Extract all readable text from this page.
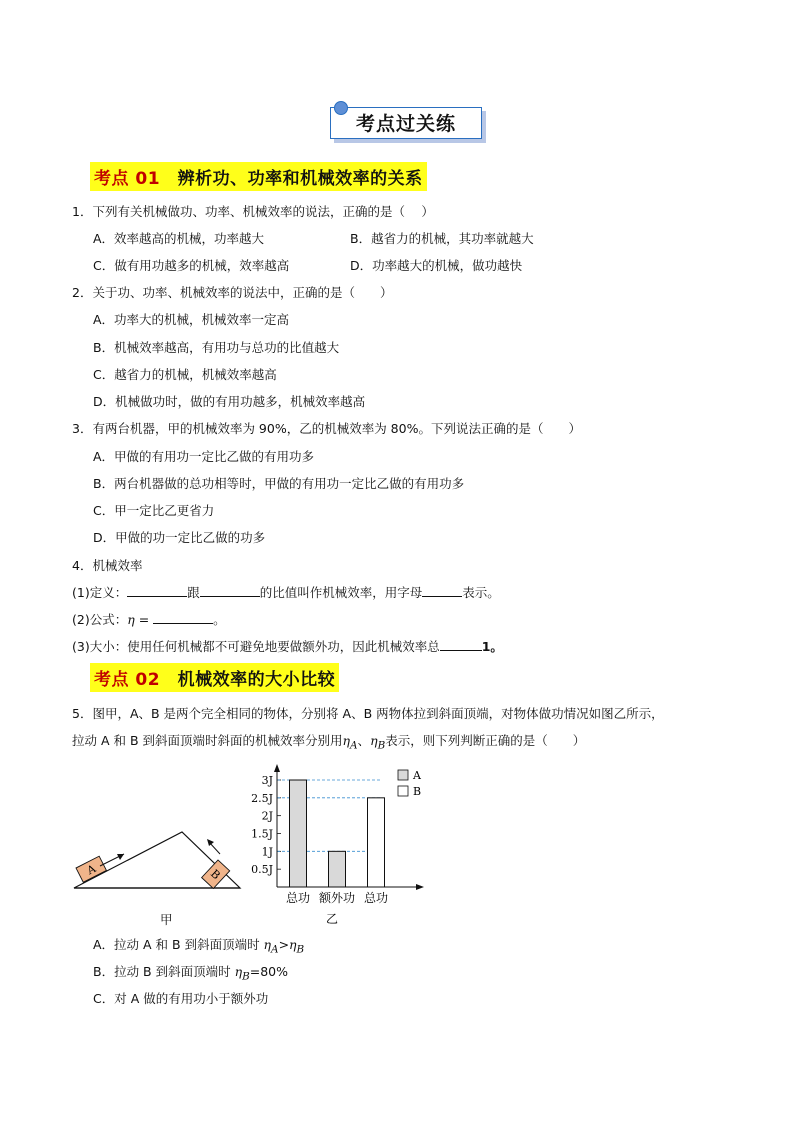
考点过关练
考点 01　 辨析功、功率和机械效率的关系
1．下列有关机械做功、功率、机械效率的说法，正确的是（　 ）
A．效率越高的机械，功率越大	B．越省力的机械，其功率就越大
C．做有用功越多的机械，效率越高	D．功率越大的机械，做功越快
2．关于功、功率、机械效率的说法中，正确的是（　　）
A．功率大的机械，机械效率一定高
B．机械效率越高，有用功与总功的比值越大
C．越省力的机械，机械效率越高
D．机械做功时，做的有用功越多，机械效率越高
3．有两台机器，甲的机械效率为 90%，乙的机械效率为 80%。下列说法正确的是（　　）
A．甲做的有用功一定比乙做的有用功多
B．两台机器做的总功相等时，甲做的有用功一定比乙做的有用功多
C．甲一定比乙更省力
D．甲做的功一定比乙做的功多
4．机械效率
(1)定义：	跟	的比值叫作机械效率，用字母	表示。
(2)公式：η =	。
(3)大小：使用任何机械都不可避免地要做额外功，因此机械效率总	1。
考点 02　 机械效率的大小比较
5．图甲，A、B 是两个完全相同的物体，分别将 A、B 两物体拉到斜面顶端，对物体做功情况如图乙所示，
拉动 A 和 B 到斜面顶端时斜面的机械效率分别用$\eta_A$、$\eta_B$表示，则下列判断正确的是（　　）
A	B
甲
0.5J
1J
1.5J
2J
2.5J
3J
总功 额外功 总功
A
B
乙
A．拉动 A 和 B 到斜面顶端时 $\eta_A>\eta_B$
B．拉动 B 到斜面顶端时 $\eta_B=80\%$
C．对 A 做的有用功小于额外功
